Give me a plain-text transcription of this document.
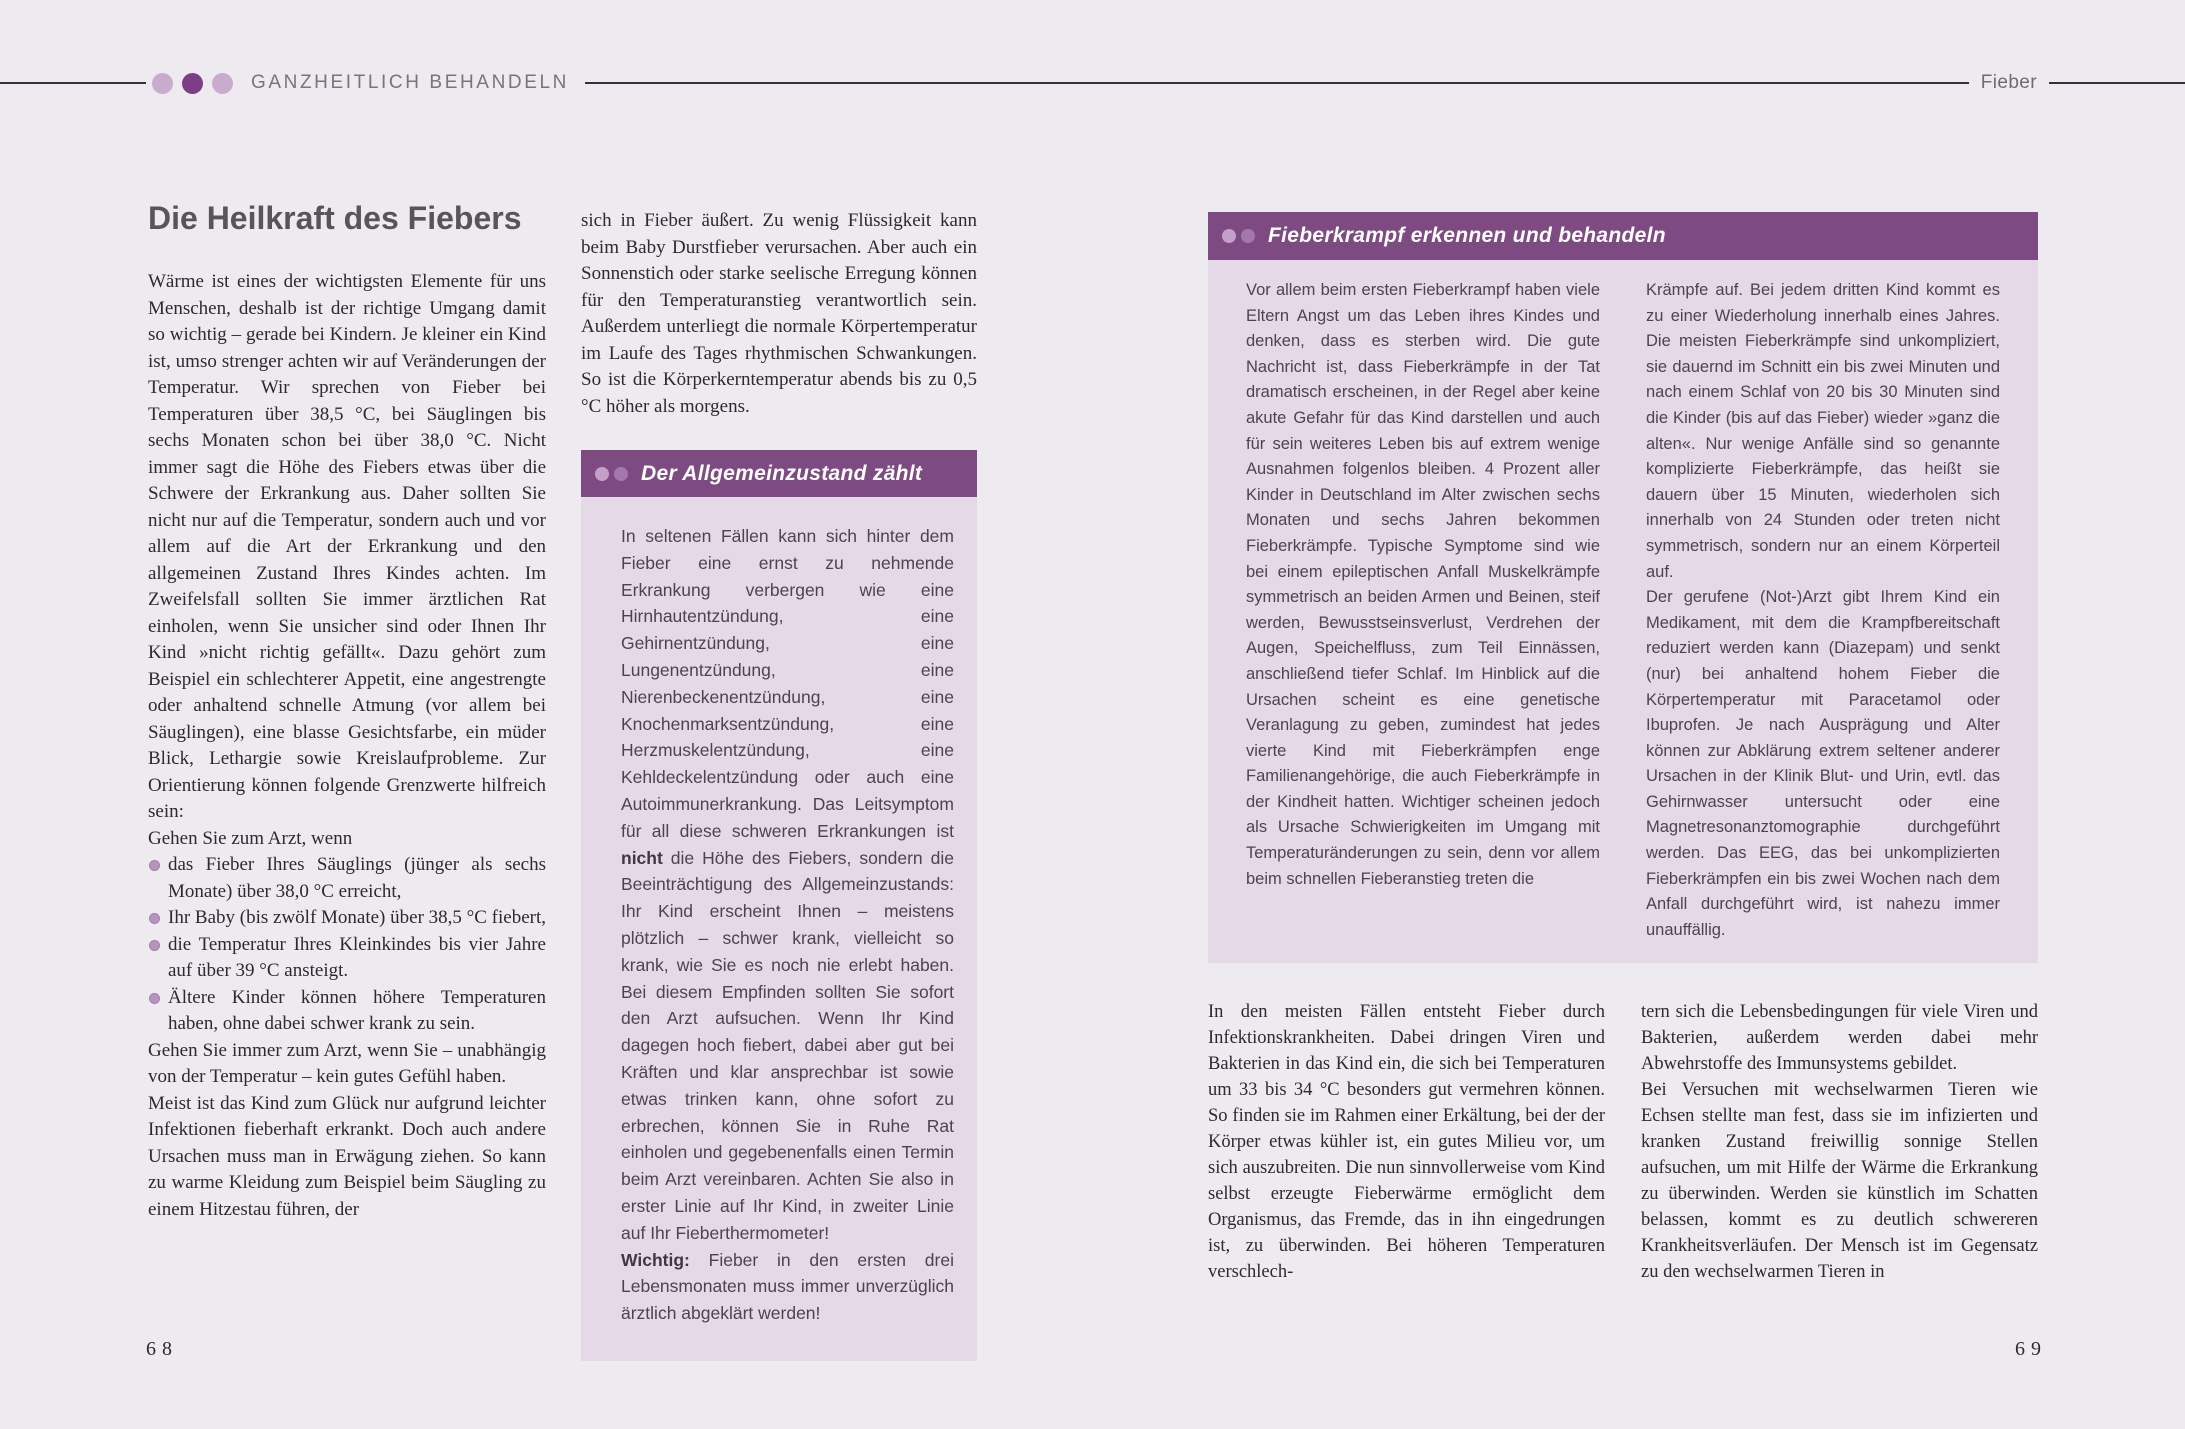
GANZHEITLICH BEHANDELN	Fieber
Die Heilkraft des Fiebers

Wärme ist eines der wichtigsten Elemente für uns Menschen, deshalb ist der richtige Umgang damit so wichtig – gerade bei Kindern. Je kleiner ein Kind ist, umso strenger achten wir auf Veränderungen der Temperatur. Wir sprechen von Fieber bei Temperaturen über 38,5 °C, bei Säuglingen bis sechs Monaten schon bei über 38,0 °C. Nicht immer sagt die Höhe des Fiebers etwas über die Schwere der Erkrankung aus. Daher sollten Sie nicht nur auf die Temperatur, sondern auch und vor allem auf die Art der Erkrankung und den allgemeinen Zustand Ihres Kindes achten. Im Zweifelsfall sollten Sie immer ärztlichen Rat einholen, wenn Sie unsicher sind oder Ihnen Ihr Kind »nicht richtig gefällt«. Dazu gehört zum Beispiel ein schlechterer Appetit, eine angestrengte oder anhaltend schnelle Atmung (vor allem bei Säuglingen), eine blasse Gesichtsfarbe, ein müder Blick, Lethargie sowie Kreislaufprobleme. Zur Orientierung können folgende Grenzwerte hilfreich sein:

Gehen Sie zum Arzt, wenn

das Fieber Ihres Säuglings (jünger als sechs Monate) über 38,0 °C erreicht,
Ihr Baby (bis zwölf Monate) über 38,5 °C fiebert,
die Temperatur Ihres Kleinkindes bis vier Jahre auf über 39 °C ansteigt.
Ältere Kinder können höhere Temperaturen haben, ohne dabei schwer krank zu sein.

Gehen Sie immer zum Arzt, wenn Sie – unabhängig von der Temperatur – kein gutes Gefühl haben.

Meist ist das Kind zum Glück nur aufgrund leichter Infektionen fieberhaft erkrankt. Doch auch andere Ursachen muss man in Erwägung ziehen. So kann zu warme Kleidung zum Beispiel beim Säugling zu einem Hitzestau führen, der

sich in Fieber äußert. Zu wenig Flüssigkeit kann beim Baby Durstfieber verursachen. Aber auch ein Sonnenstich oder starke seelische Erregung können für den Temperaturanstieg verantwortlich sein. Außerdem unterliegt die normale Körpertemperatur im Laufe des Tages rhythmischen Schwankungen. So ist die Körperkerntemperatur abends bis zu 0,5 °C höher als morgens.

Der Allgemeinzustand zählt

In seltenen Fällen kann sich hinter dem Fieber eine ernst zu nehmende Erkrankung verbergen wie eine Hirnhautentzündung, eine Gehirnentzündung, eine Lungenentzündung, eine Nierenbeckenentzündung, eine Knochenmarksentzündung, eine Herzmuskelentzündung, eine Kehldeckelentzündung oder auch eine Autoimmunerkrankung. Das Leitsymptom für all diese schweren Erkrankungen ist nicht die Höhe des Fiebers, sondern die Beeinträchtigung des Allgemeinzustands: Ihr Kind erscheint Ihnen – meistens plötzlich – schwer krank, vielleicht so krank, wie Sie es noch nie erlebt haben. Bei diesem Empfinden sollten Sie sofort den Arzt aufsuchen. Wenn Ihr Kind dagegen hoch fiebert, dabei aber gut bei Kräften und klar ansprechbar ist sowie etwas trinken kann, ohne sofort zu erbrechen, können Sie in Ruhe Rat einholen und gegebenenfalls einen Termin beim Arzt vereinbaren. Achten Sie also in erster Linie auf Ihr Kind, in zweiter Linie auf Ihr Fieberthermometer!

Wichtig: Fieber in den ersten drei Lebensmonaten muss immer unverzüglich ärztlich abgeklärt werden!

Fieberkrampf erkennen und behandeln

Vor allem beim ersten Fieberkrampf haben viele Eltern Angst um das Leben ihres Kindes und denken, dass es sterben wird. Die gute Nachricht ist, dass Fieberkrämpfe in der Tat dramatisch erscheinen, in der Regel aber keine akute Gefahr für das Kind darstellen und auch für sein weiteres Leben bis auf extrem wenige Ausnahmen folgenlos bleiben. 4 Prozent aller Kinder in Deutschland im Alter zwischen sechs Monaten und sechs Jahren bekommen Fieberkrämpfe. Typische Symptome sind wie bei einem epileptischen Anfall Muskelkrämpfe symmetrisch an beiden Armen und Beinen, steif werden, Bewusstseinsverlust, Verdrehen der Augen, Speichelfluss, zum Teil Einnässen, anschließend tiefer Schlaf. Im Hinblick auf die Ursachen scheint es eine genetische Veranlagung zu geben, zumindest hat jedes vierte Kind mit Fieberkrämpfen enge Familienangehörige, die auch Fieberkrämpfe in der Kindheit hatten. Wichtiger scheinen jedoch als Ursache Schwierigkeiten im Umgang mit Temperaturänderungen zu sein, denn vor allem beim schnellen Fieberanstieg treten die

Krämpfe auf. Bei jedem dritten Kind kommt es zu einer Wiederholung innerhalb eines Jahres. Die meisten Fieberkrämpfe sind unkompliziert, sie dauernd im Schnitt ein bis zwei Minuten und nach einem Schlaf von 20 bis 30 Minuten sind die Kinder (bis auf das Fieber) wieder »ganz die alten«. Nur wenige Anfälle sind so genannte komplizierte Fieberkrämpfe, das heißt sie dauern über 15 Minuten, wiederholen sich innerhalb von 24 Stunden oder treten nicht symmetrisch, sondern nur an einem Körperteil auf.

Der gerufene (Not-)Arzt gibt Ihrem Kind ein Medikament, mit dem die Krampfbereitschaft reduziert werden kann (Diazepam) und senkt (nur) bei anhaltend hohem Fieber die Körpertemperatur mit Paracetamol oder Ibuprofen. Je nach Ausprägung und Alter können zur Abklärung extrem seltener anderer Ursachen in der Klinik Blut- und Urin, evtl. das Gehirnwasser untersucht oder eine Magnetresonanztomographie durchgeführt werden. Das EEG, das bei unkomplizierten Fieberkrämpfen ein bis zwei Wochen nach dem Anfall durchgeführt wird, ist nahezu immer unauffällig.

In den meisten Fällen entsteht Fieber durch Infektionskrankheiten. Dabei dringen Viren und Bakterien in das Kind ein, die sich bei Temperaturen um 33 bis 34 °C besonders gut vermehren können. So finden sie im Rahmen einer Erkältung, bei der der Körper etwas kühler ist, ein gutes Milieu vor, um sich auszubreiten. Die nun sinnvollerweise vom Kind selbst erzeugte Fieberwärme ermöglicht dem Organismus, das Fremde, das in ihn eingedrungen ist, zu überwinden. Bei höheren Temperaturen verschlech-

tern sich die Lebensbedingungen für viele Viren und Bakterien, außerdem werden dabei mehr Abwehrstoffe des Immunsystems gebildet.

Bei Versuchen mit wechselwarmen Tieren wie Echsen stellte man fest, dass sie im infizierten und kranken Zustand freiwillig sonnige Stellen aufsuchen, um mit Hilfe der Wärme die Erkrankung zu überwinden. Werden sie künstlich im Schatten belassen, kommt es zu deutlich schwereren Krankheitsverläufen. Der Mensch ist im Gegensatz zu den wechselwarmen Tieren in

68	69
